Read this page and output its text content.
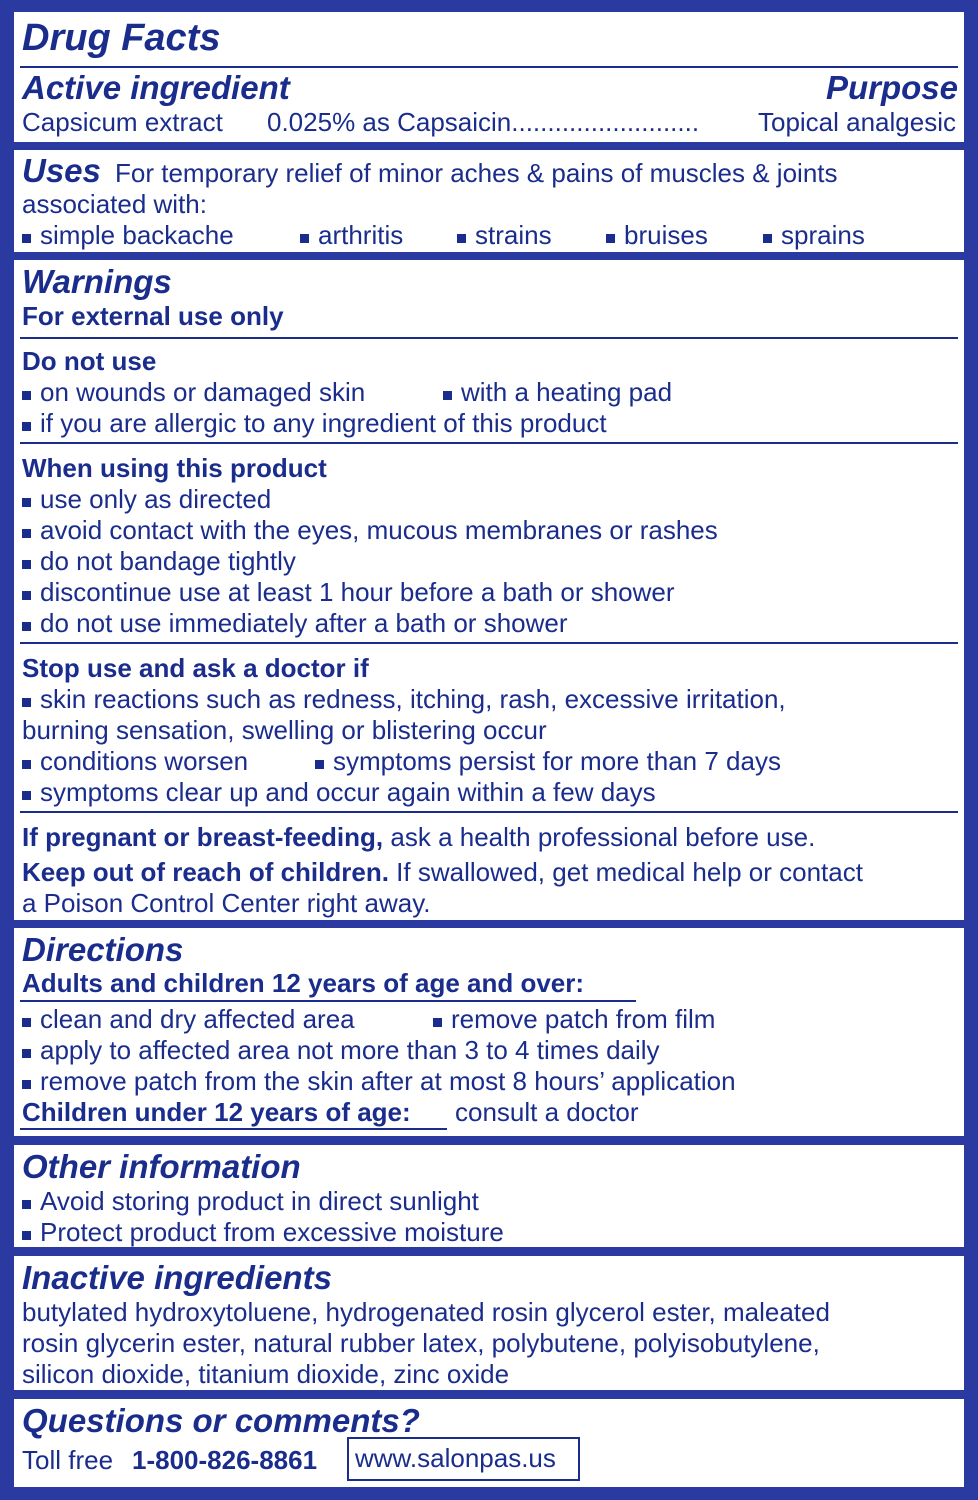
Drug Facts
Active ingredient	Purpose
Capsicum extract 0.025% as Capsaicin.......................... Topical analgesic
Uses For temporary relief of minor aches & pains of muscles & joints
associated with:
simple backache	arthritis	strains	bruises	sprains
Warnings
For external use only
Do not use
on wounds or damaged skin	with a heating pad
if you are allergic to any ingredient of this product
When using this product
use only as directed
avoid contact with the eyes, mucous membranes or rashes
do not bandage tightly
discontinue use at least 1 hour before a bath or shower
do not use immediately after a bath or shower
Stop use and ask a doctor if
skin reactions such as redness, itching, rash, excessive irritation,
burning sensation, swelling or blistering occur
conditions worsen	symptoms persist for more than 7 days
symptoms clear up and occur again within a few days
If pregnant or breast-feeding, ask a health professional before use.
Keep out of reach of children. If swallowed, get medical help or contact
a Poison Control Center right away.
Directions
Adults and children 12 years of age and over:
clean and dry affected area	remove patch from film
apply to affected area not more than 3 to 4 times daily
remove patch from the skin after at most 8 hours’ application
Children under 12 years of age: consult a doctor
Other information
Avoid storing product in direct sunlight
Protect product from excessive moisture
Inactive ingredients
butylated hydroxytoluene, hydrogenated rosin glycerol ester, maleated
rosin glycerin ester, natural rubber latex, polybutene, polyisobutylene,
silicon dioxide, titanium dioxide, zinc oxide
Questions or comments?
Toll free 1-800-826-8861 www.salonpas.us
